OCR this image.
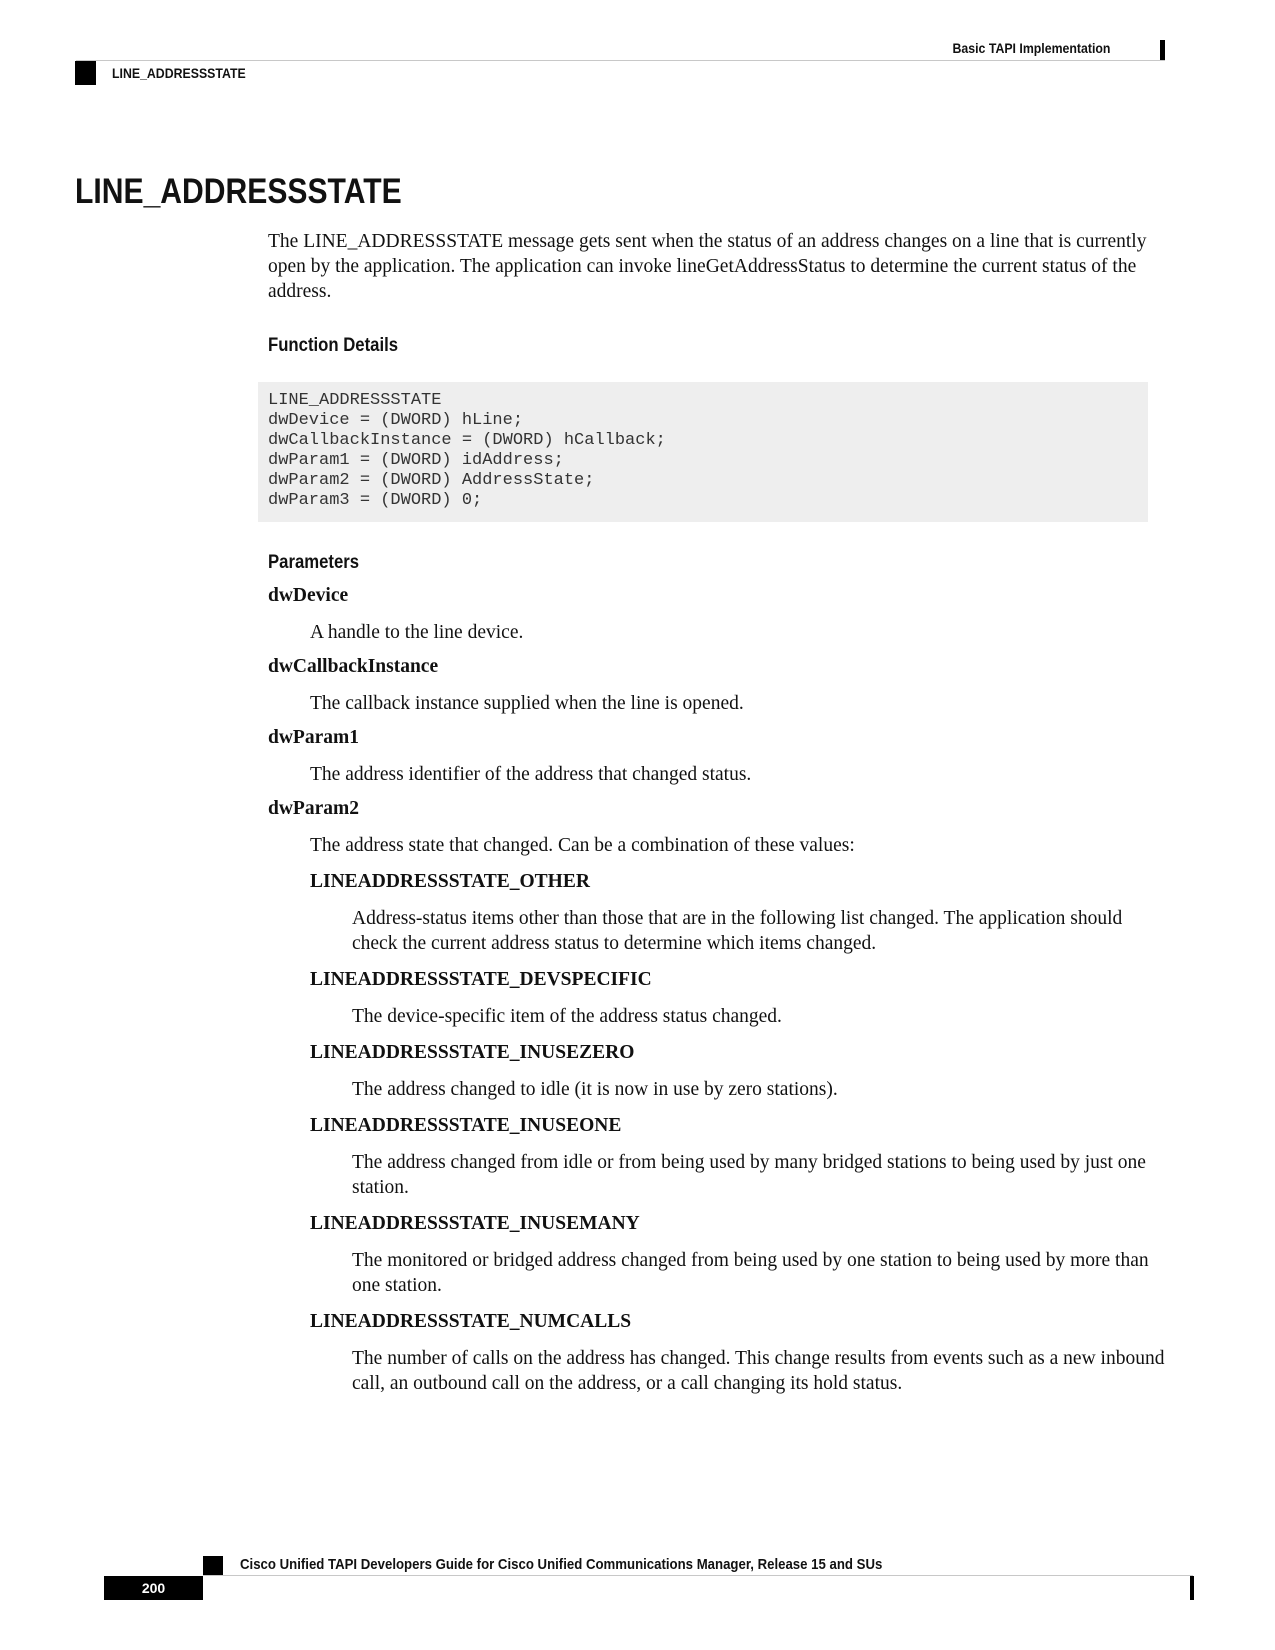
Basic TAPI Implementation
LINE_ADDRESSSTATE
LINE_ADDRESSSTATE

The LINE_ADDRESSSTATE message gets sent when the status of an address changes on a line that is currently open by the application. The application can invoke lineGetAddressStatus to determine the current status of the address.

Function Details
LINE_ADDRESSSTATE
dwDevice = (DWORD) hLine;
dwCallbackInstance = (DWORD) hCallback;
dwParam1 = (DWORD) idAddress;
dwParam2 = (DWORD) AddressState;
dwParam3 = (DWORD) 0;
Parameters
dwDevice
A handle to the line device.
dwCallbackInstance
The callback instance supplied when the line is opened.
dwParam1
The address identifier of the address that changed status.
dwParam2
The address state that changed. Can be a combination of these values:
LINEADDRESSSTATE_OTHER
Address-status items other than those that are in the following list changed. The application should check the current address status to determine which items changed.
LINEADDRESSSTATE_DEVSPECIFIC
The device-specific item of the address status changed.
LINEADDRESSSTATE_INUSEZERO
The address changed to idle (it is now in use by zero stations).
LINEADDRESSSTATE_INUSEONE
The address changed from idle or from being used by many bridged stations to being used by just one station.
LINEADDRESSSTATE_INUSEMANY
The monitored or bridged address changed from being used by one station to being used by more than one station.
LINEADDRESSSTATE_NUMCALLS
The number of calls on the address has changed. This change results from events such as a new inbound call, an outbound call on the address, or a call changing its hold status.
Cisco Unified TAPI Developers Guide for Cisco Unified Communications Manager, Release 15 and SUs
200
